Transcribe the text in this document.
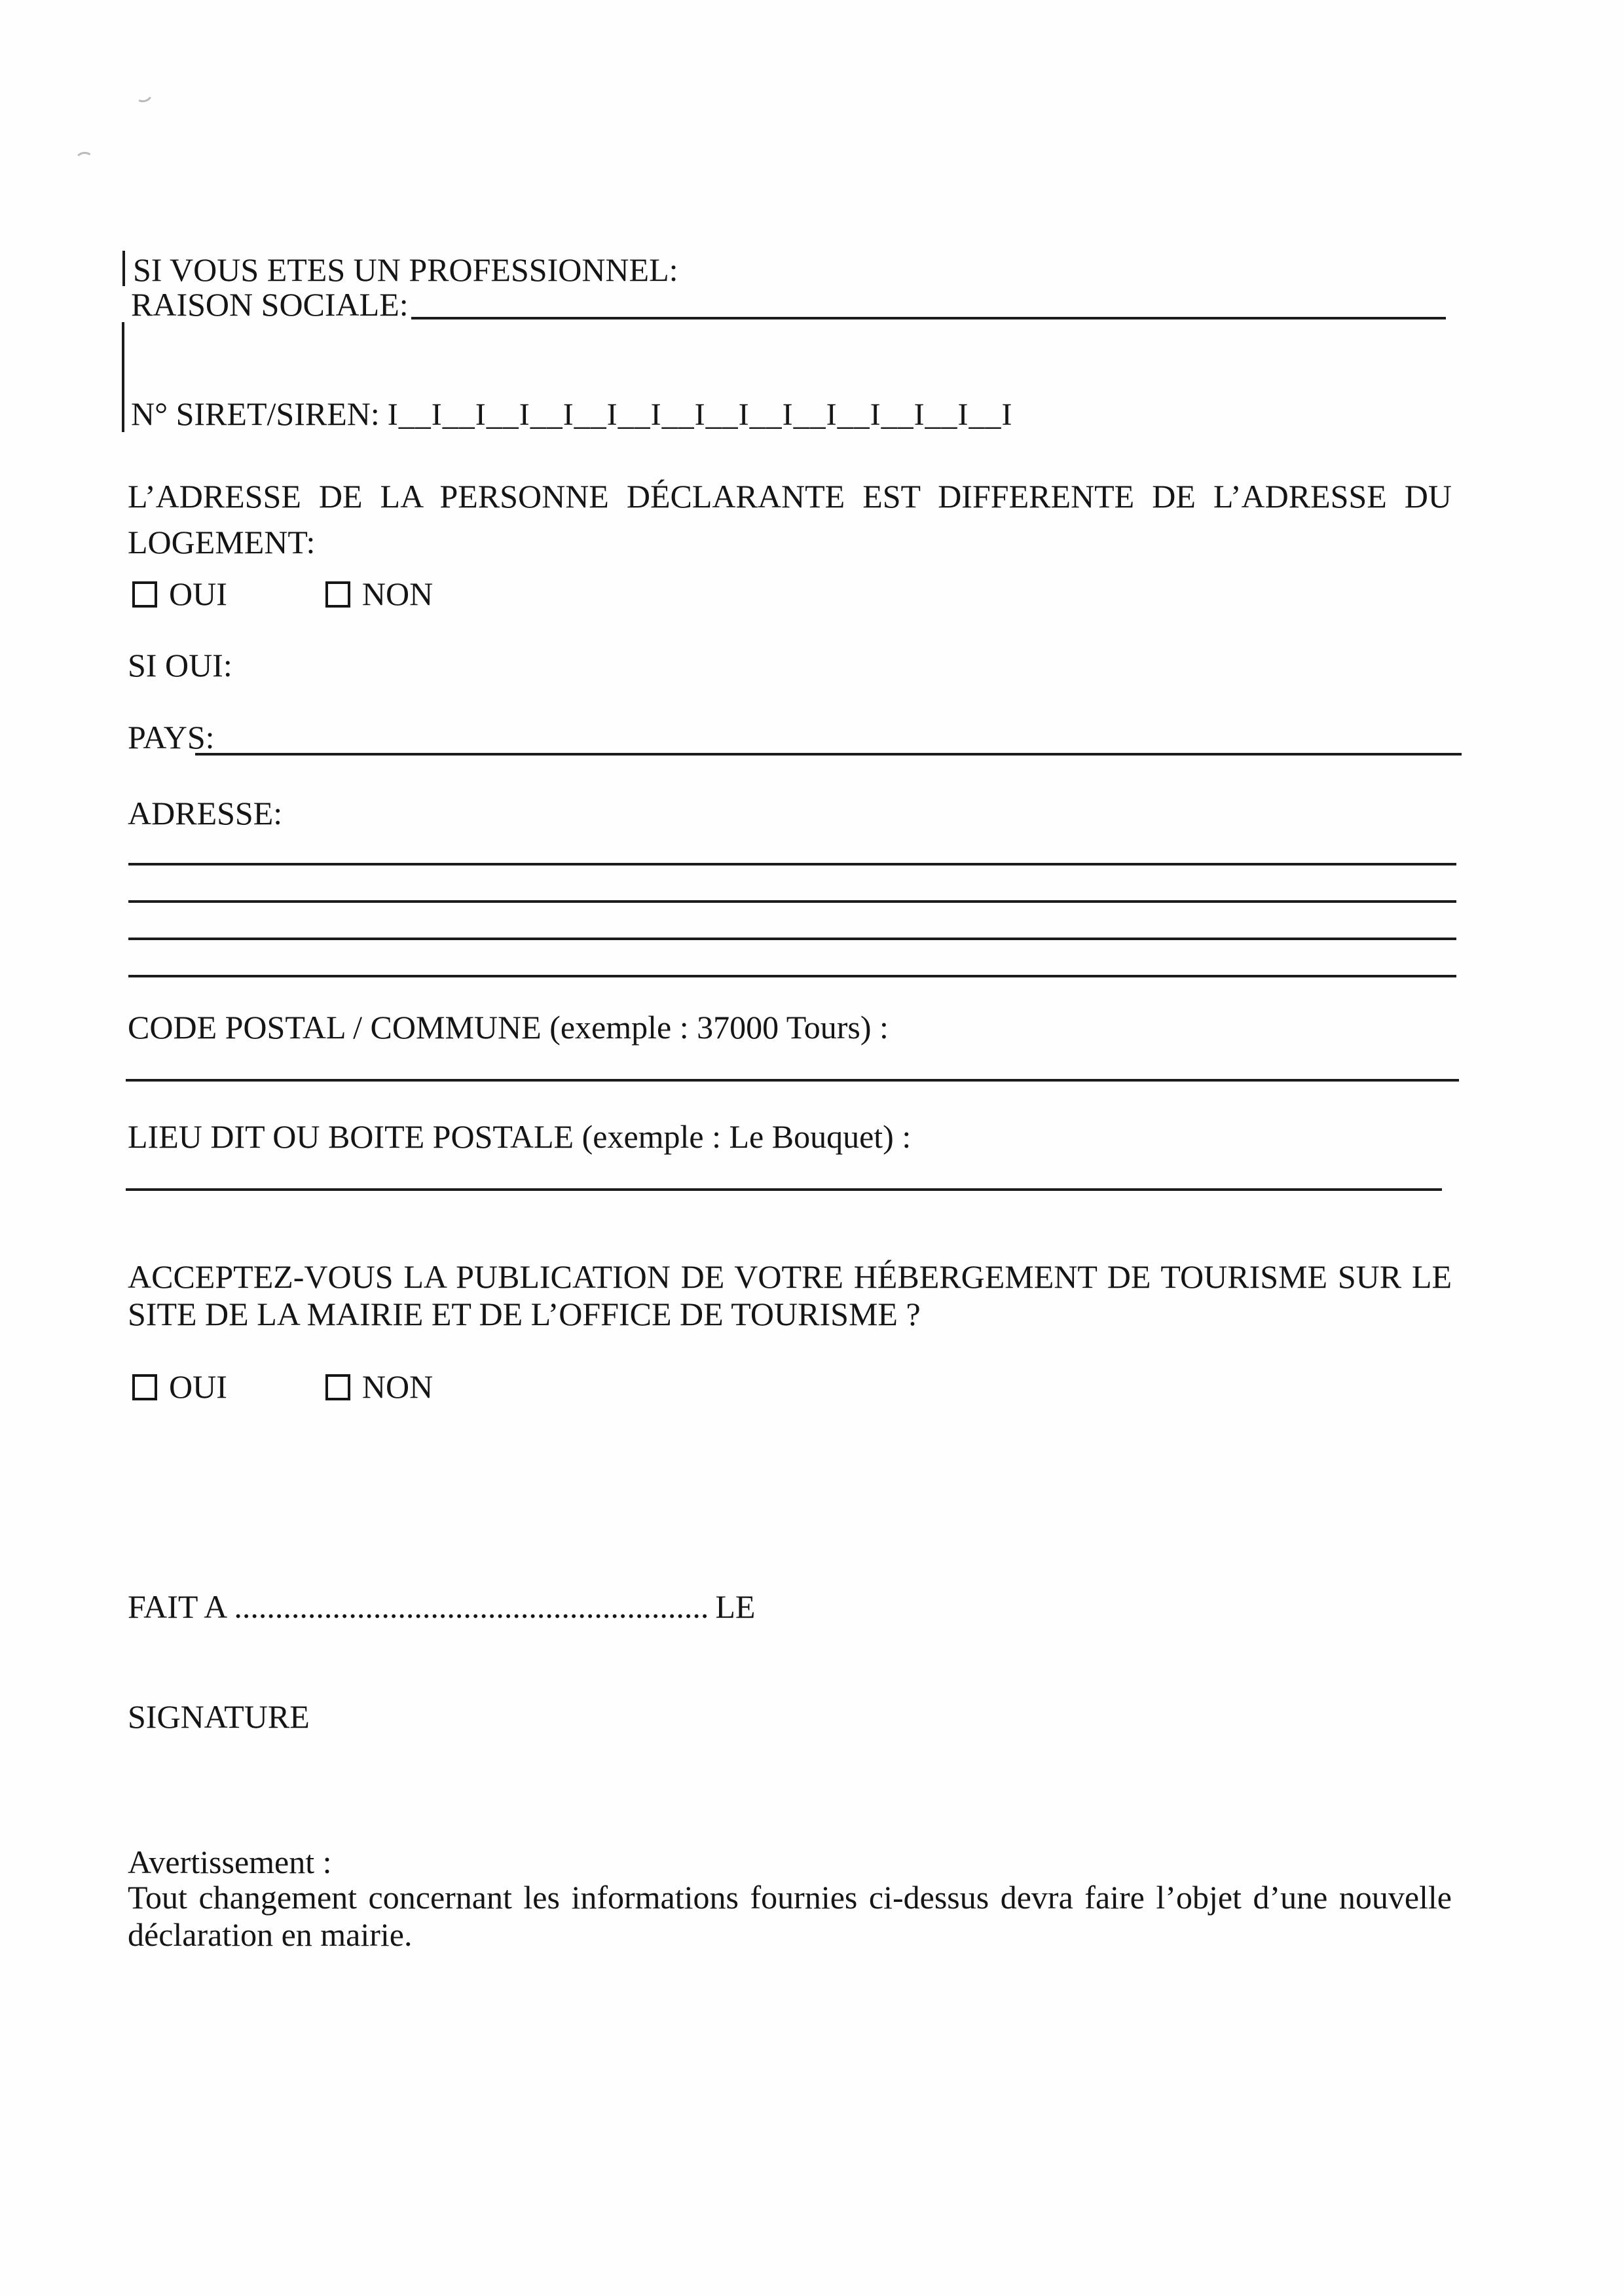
SI VOUS ETES UN PROFESSIONNEL:
RAISON SOCIALE:
N° SIRET/SIREN: I__I__I__I__I__I__I__I__I__I__I__I__I__I__I
L’ADRESSE DE LA PERSONNE DÉCLARANTE EST DIFFERENTE DE L’ADRESSE DU
LOGEMENT:
OUI	NON
SI OUI:
PAYS:
ADRESSE:
CODE POSTAL / COMMUNE (exemple : 37000 Tours) :
LIEU DIT OU BOITE POSTALE (exemple : Le Bouquet) :
ACCEPTEZ-VOUS LA PUBLICATION DE VOTRE HÉBERGEMENT DE TOURISME SUR LE
SITE DE LA MAIRIE ET DE L’OFFICE DE TOURISME ?
OUI	NON
FAIT A .......................................................... LE
SIGNATURE
Avertissement :
Tout changement concernant les informations fournies ci-dessus devra faire l’objet d’une nouvelle
déclaration en mairie.
